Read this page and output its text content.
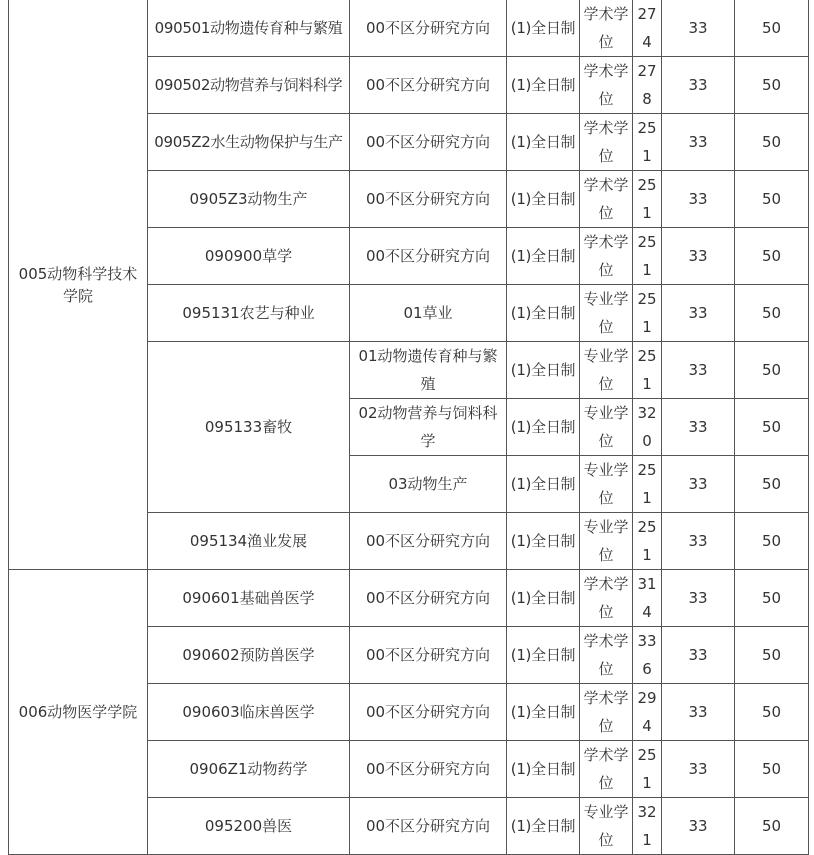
005动物科学技术学院	090501动物遗传育种与繁殖	00不区分研究方向	(1)全日制	学术学位	274	33	50
	090502动物营养与饲料科学	00不区分研究方向	(1)全日制	学术学位	278	33	50
	0905Z2水生动物保护与生产	00不区分研究方向	(1)全日制	学术学位	251	33	50
	0905Z3动物生产	00不区分研究方向	(1)全日制	学术学位	251	33	50
	090900草学	00不区分研究方向	(1)全日制	学术学位	251	33	50
	095131农艺与种业	01草业	(1)全日制	专业学位	251	33	50
	095133畜牧	01动物遗传育种与繁殖	(1)全日制	专业学位	251	33	50
		02动物营养与饲料科学	(1)全日制	专业学位	320	33	50
		03动物生产	(1)全日制	专业学位	251	33	50
	095134渔业发展	00不区分研究方向	(1)全日制	专业学位	251	33	50
006动物医学学院	090601基础兽医学	00不区分研究方向	(1)全日制	学术学位	314	33	50
	090602预防兽医学	00不区分研究方向	(1)全日制	学术学位	336	33	50
	090603临床兽医学	00不区分研究方向	(1)全日制	学术学位	294	33	50
	0906Z1动物药学	00不区分研究方向	(1)全日制	学术学位	251	33	50
	095200兽医	00不区分研究方向	(1)全日制	专业学位	321	33	50
